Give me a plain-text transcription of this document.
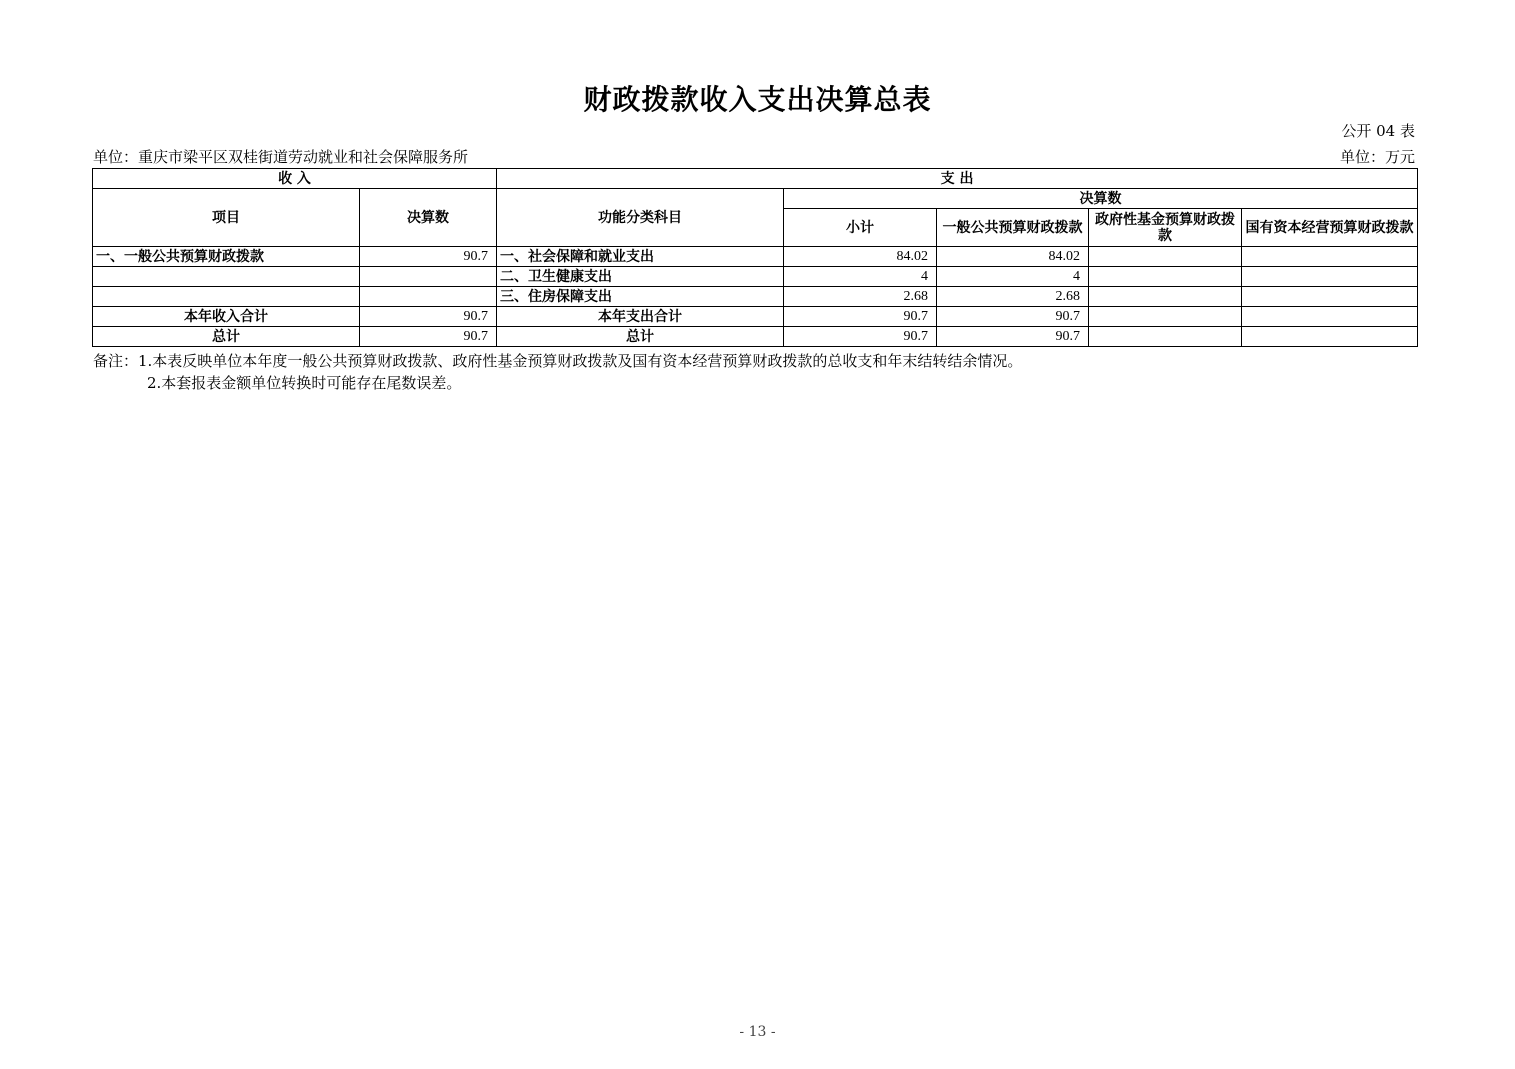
财政拨款收入支出决算总表
公开 04 表
单位：重庆市梁平区双桂街道劳动就业和社会保障服务所	单位：万元
收 入		支 出				
项目	决算数	功能分类科目	决算数			
			小计	一般公共预算财政拨款	政府性基金预算财政拨款	国有资本经营预算财政拨款
一、一般公共预算财政拨款	90.7	一、社会保障和就业支出	84.02	84.02		
		二、卫生健康支出	4	4		
		三、住房保障支出	2.68	2.68		
本年收入合计	90.7	本年支出合计	90.7	90.7		
总计	90.7	总计	90.7	90.7		
备注：1.本表反映单位本年度一般公共预算财政拨款、政府性基金预算财政拨款及国有资本经营预算财政拨款的总收支和年末结转结余情况。
2.本套报表金额单位转换时可能存在尾数误差。
- 13 -
